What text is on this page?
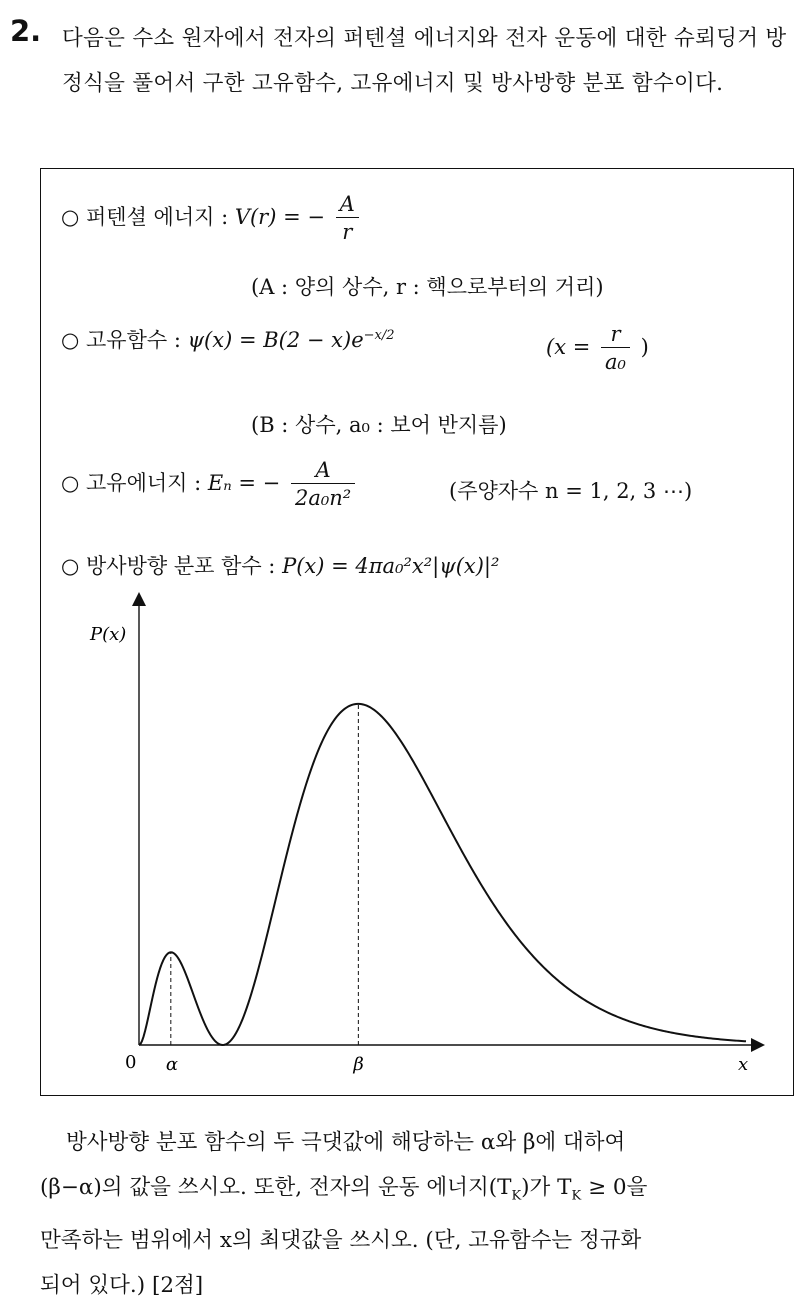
2. 다음은 수소 원자에서 전자의 퍼텐셜 에너지와 전자 운동에 대한 슈뢰딩거 방정식을 풀어서 구한 고유함수, 고유에너지 및 방사방향 분포 함수이다.
○ 퍼텐셜 에너지 : V(r) = − $\frac{A}{r}$
(A : 양의 상수, r : 핵으로부터의 거리)
○ 고유함수 : $\psi(x) = B(2 - x)e^{-x/2}$	($x = \frac{r}{\text{a₀}}$ )
(B : 상수, a₀ : 보어 반지름)
○ 고유에너지 : Eₙ = − $\frac{A}{\text{2a₀n²}}$	(주양자수 n = 1, 2, 3 ⋯)
○ 방사방향 분포 함수 : P(x) = 4πa₀²x²|ψ(x)|²
P(x)
0 α	β	x

방사방향 분포 함수의 두 극댓값에 해당하는 α와 β에 대하여

(β−α)의 값을 쓰시오. 또한, 전자의 운동 에너지$(T_K)$가 $T_K \ge 0$을

만족하는 범위에서 x의 최댓값을 쓰시오. (단, 고유함수는 정규화

되어 있다.) [2점]
